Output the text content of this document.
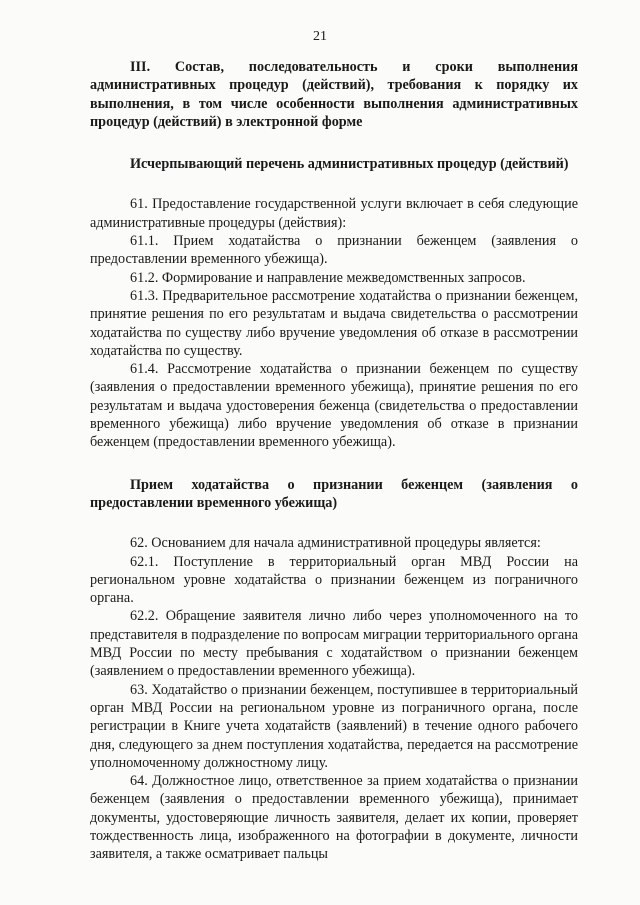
21

III. Состав, последовательность и сроки выполнения административных процедур (действий), требования к порядку их выполнения, в том числе особенности выполнения административных процедур (действий) в электронной форме

Исчерпывающий перечень административных процедур (действий)

61. Предоставление государственной услуги включает в себя следующие административные процедуры (действия):

61.1. Прием ходатайства о признании беженцем (заявления о предоставлении временного убежища).

61.2. Формирование и направление межведомственных запросов.

61.3. Предварительное рассмотрение ходатайства о признании беженцем, принятие решения по его результатам и выдача свидетельства о рассмотрении ходатайства по существу либо вручение уведомления об отказе в рассмотрении ходатайства по существу.

61.4. Рассмотрение ходатайства о признании беженцем по существу (заявления о предоставлении временного убежища), принятие решения по его результатам и выдача удостоверения беженца (свидетельства о предоставлении временного убежища) либо вручение уведомления об отказе в признании беженцем (предоставлении временного убежища).

Прием ходатайства о признании беженцем (заявления о предоставлении временного убежища)

62. Основанием для начала административной процедуры является:

62.1. Поступление в территориальный орган МВД России на региональном уровне ходатайства о признании беженцем из пограничного органа.

62.2. Обращение заявителя лично либо через уполномоченного на то представителя в подразделение по вопросам миграции территориального органа МВД России по месту пребывания с ходатайством о признании беженцем (заявлением о предоставлении временного убежища).

63. Ходатайство о признании беженцем, поступившее в территориальный орган МВД России на региональном уровне из пограничного органа, после регистрации в Книге учета ходатайств (заявлений) в течение одного рабочего дня, следующего за днем поступления ходатайства, передается на рассмотрение уполномоченному должностному лицу.

64. Должностное лицо, ответственное за прием ходатайства о признании беженцем (заявления о предоставлении временного убежища), принимает документы, удостоверяющие личность заявителя, делает их копии, проверяет тождественность лица, изображенного на фотографии в документе, личности заявителя, а также осматривает пальцы
